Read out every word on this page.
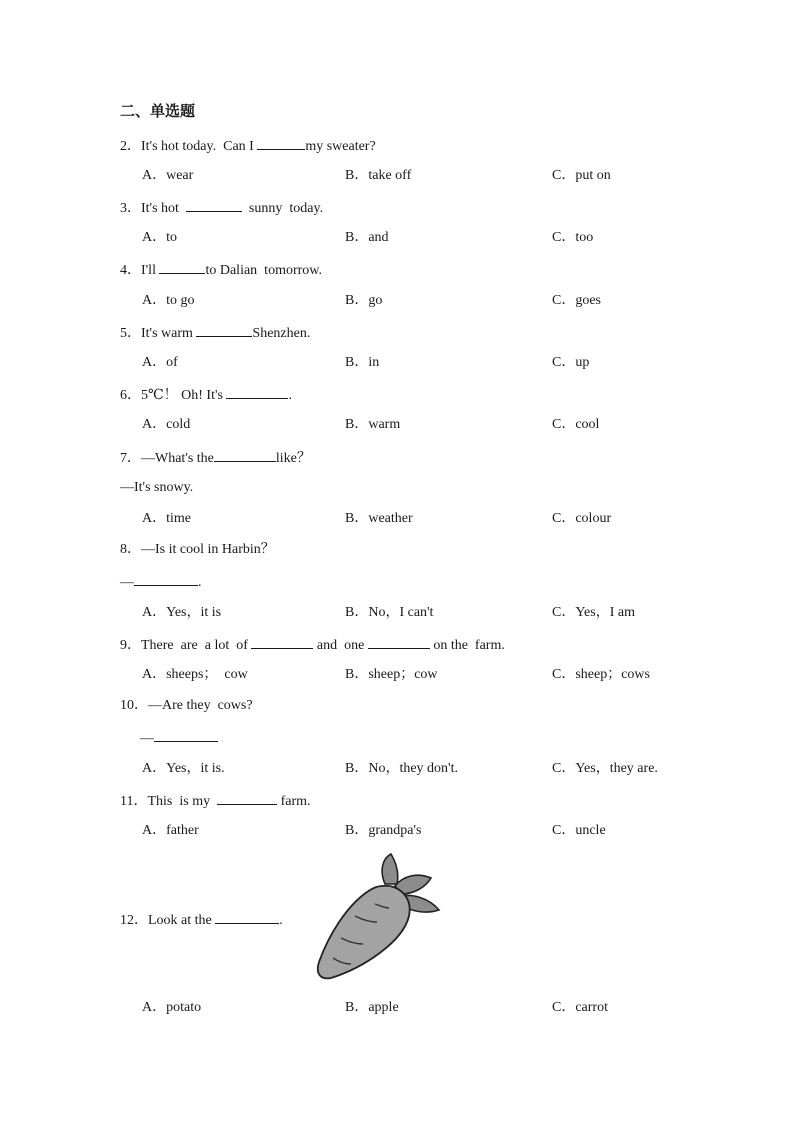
二、单选题
2．It's hot today.  Can I	my sweater?
A．wear	B．take off	C．put on
3．It's hot	sunny  today.
A．to	B．and	C．too
4．I'll	to Dalian  tomorrow.
A．to go	B．go	C．goes
5．It's warm	Shenzhen.
A．of	B．in	C．up
6．5℃！ Oh! It's	.
A．cold	B．warm	C．cool
7．—What's the	like？
—It's snowy.
A．time	B．weather	C．colour
8．—Is it cool in Harbin？
—	.
A．Yes，it is	B．No，I can't	C．Yes，I am
9．There  are  a lot  of	and  one	on the  farm.
A．sheeps；  cow	B．sheep；cow	C．sheep；cows
10．—Are they  cows?
—
A．Yes，it is.	B．No，they don't.	C．Yes，they are.
11．This  is my	farm.
A．father	B．grandpa's	C．uncle
12．Look at the	.
A．potato	B．apple	C．carrot
